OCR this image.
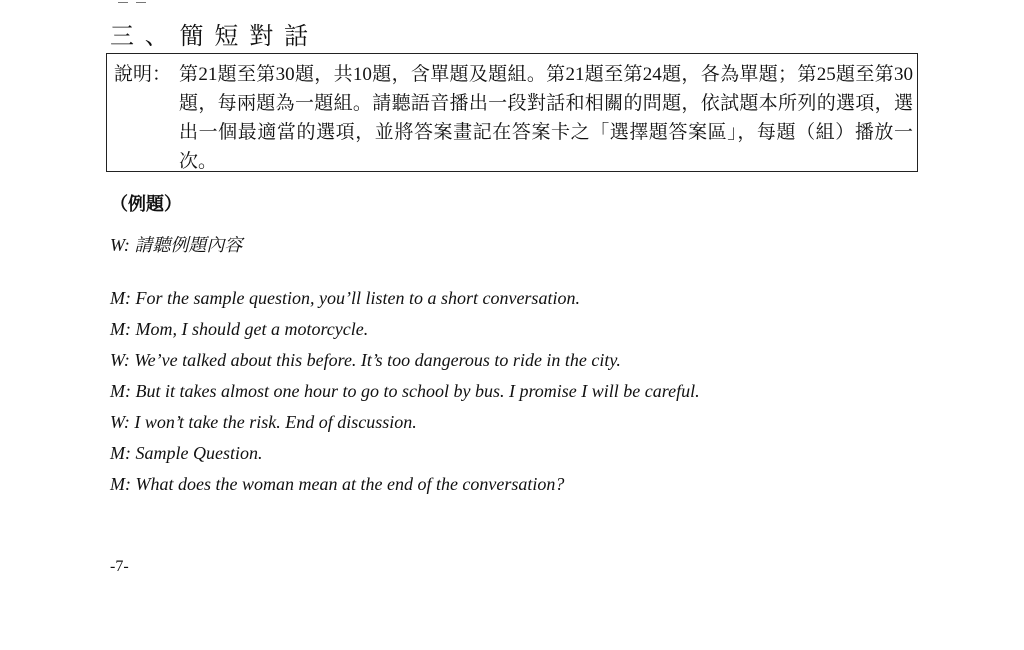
三、簡短對話
說明： 第21題至第30題，共10題，含單題及題組。第21題至第24題，各為單題；第25題至第30題，每兩題為一題組。請聽語音播出一段對話和相關的問題，依試題本所列的選項，選出一個最適當的選項，並將答案畫記在答案卡之「選擇題答案區」，每題（組）播放一次。
（例題）
W: 請聽例題內容
M: For the sample question, you’ll listen to a short conversation.
M: Mom, I should get a motorcycle.
W: We’ve talked about this before. It’s too dangerous to ride in the city.
M: But it takes almost one hour to go to school by bus. I promise I will be careful.
W: I won’t take the risk. End of discussion.
M: Sample Question.
M: What does the woman mean at the end of the conversation?
-7-
